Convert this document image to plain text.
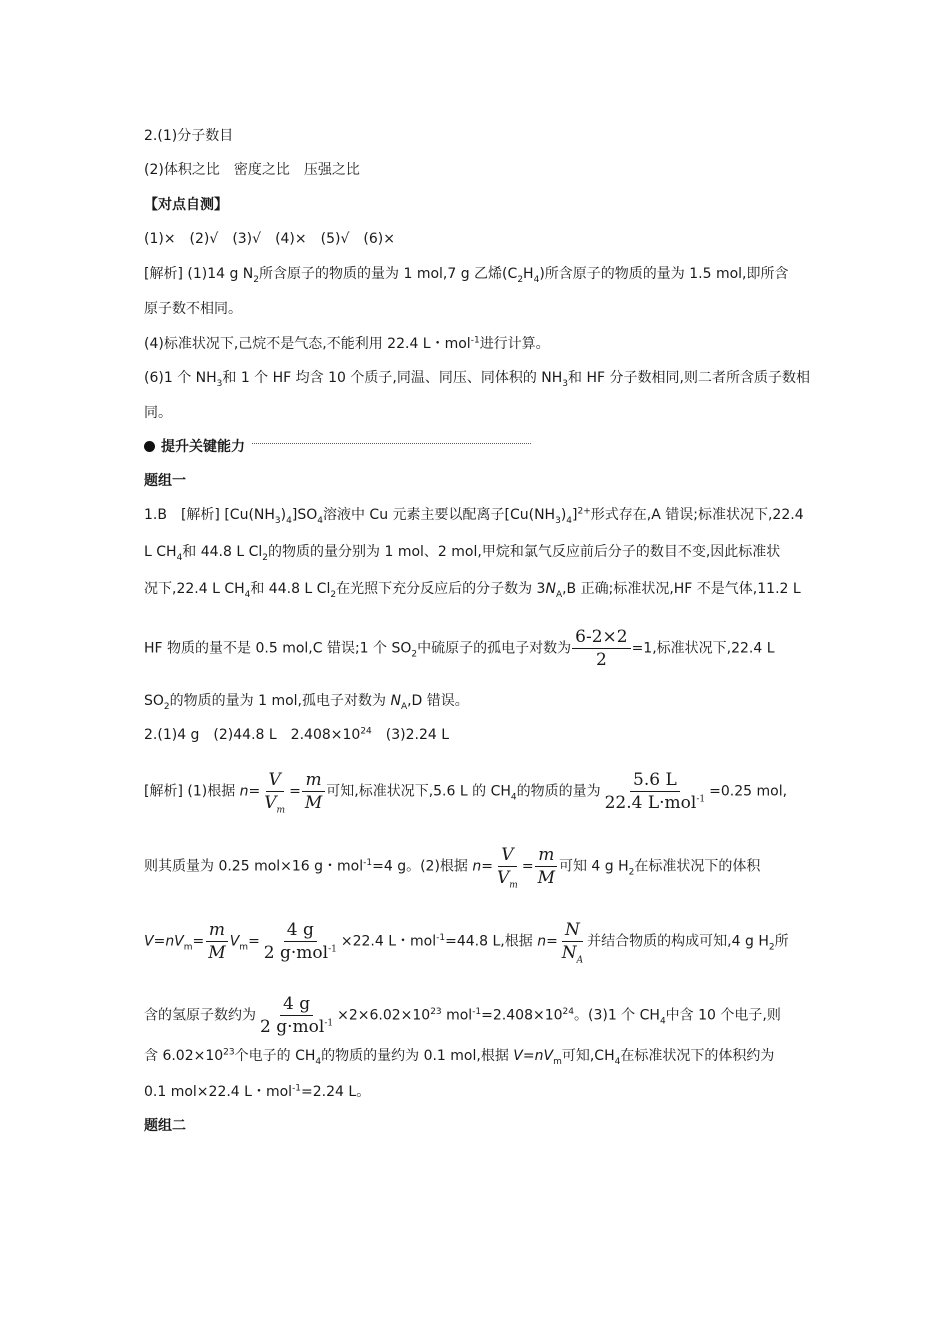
2.(1)分子数目
(2)体积之比　密度之比　压强之比
【对点自测】
(1)×　(2)√　(3)√　(4)×　(5)√　(6)×
[解析] (1)14 g $N_2$所含原子的物质的量为 1 mol,7 g 乙烯$(C_2H_4)$所含原子的物质的量为 1.5 mol,即所含
原子数不相同。
(4)标准状况下,己烷不是气态,不能利用 22.4 L・mol$^{-1}$进行计算。
(6)1 个 $NH_3$和 1 个 HF 均含 10 个质子,同温、同压、同体积的 $NH_3$和 HF 分子数相同,则二者所含质子数相
同。
提升关键能力
题组一
1.B　[解析] $[Cu(NH_3)_4]SO_4$溶液中 Cu 元素主要以配离子$[Cu(NH_3)_4]^{2+}$形式存在,A 错误;标准状况下,22.4
L $CH_4$和 44.8 L $Cl_2$的物质的量分别为 1 mol、2 mol,甲烷和氯气反应前后分子的数目不变,因此标准状
况下,22.4 L $CH_4$和 44.8 L $Cl_2$在光照下充分反应后的分子数为 $3N_A,B$ 正确;标准状况,HF 不是气体,11.2 L
HF 物质的量不是 0.5 mol,C 错误;1 个 $SO_2$中硫原子的孤电子对数为 $\frac{6-2\times 2}{2} =1$,标准状况下,22.4 L
$SO_2$的物质的量为 1 mol,孤电子对数为 $N_A,D$ 错误。
2.(1)4 g　(2)44.8 L　$2.408\times 10^{24}$　(3)2.24 L
[解析] (1)根据 $n= \frac{V}{V_m} = \frac{m}{M}$ 可知,标准状况下,5.6 L 的 $CH_4$的物质的量为 $\frac{5.6 L}{22.4 L\cdot mol^{-1}} =0.25$ mol,
则其质量为 0.25 mol×16 g・mol$^{-1}$=4 g。(2)根据 $n= \frac{V}{V_m} = \frac{m}{M}$ 可知 4 g $H_2$在标准状况下的体积
$V=nV_m= \frac{m}{M} V_m= \frac{4 g}{2 g\cdot mol^{-1}} \times 22.4$ L・mol$^{-1}$=44.8 L,根据 $n= \frac{N}{N_A}$ 并结合物质的构成可知,4 g $H_2$所
含的氢原子数约为 $\frac{4 g}{2 g\cdot mol^{-1}} \times 2\times 6.02\times 10^{23}$ $mol^{-1}=2.408\times 10^{24}$。(3)1 个 $CH_4$中含 10 个电子,则
含 $6.02\times 10^{23}$个电子的 $CH_4$的物质的量约为 0.1 mol,根据 $V=nV_m$可知$,CH_4$在标准状况下的体积约为
0.1 mol×22.4 L・mol$^{-1}$=2.24 L。
题组二
